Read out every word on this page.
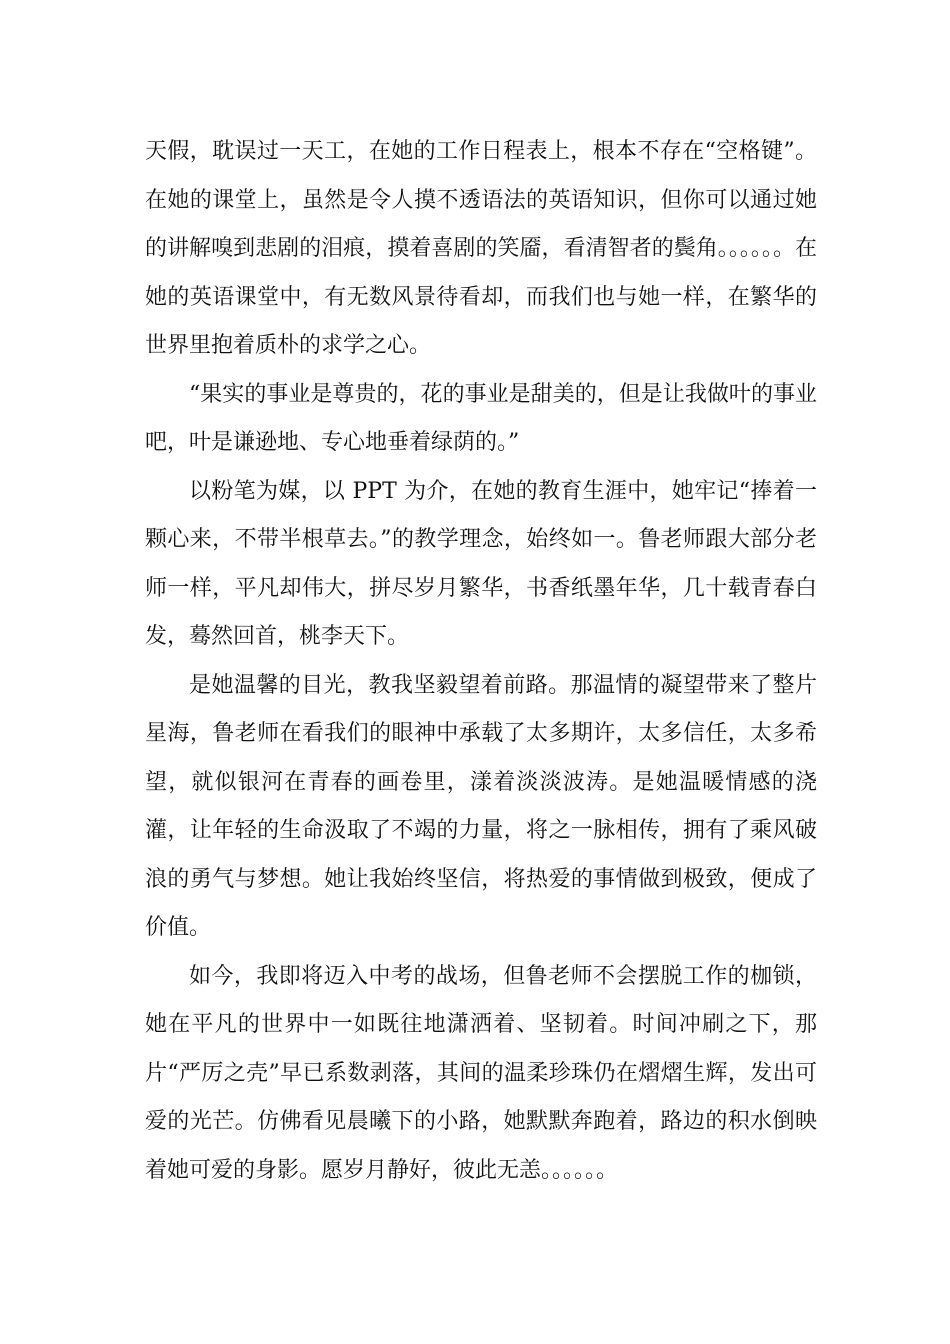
天假，耽误过一天工，在她的工作日程表上，根本不存在“空格键”。在她的课堂上，虽然是令人摸不透语法的英语知识，但你可以通过她的讲解嗅到悲剧的泪痕，摸着喜剧的笑靥，看清智者的鬓角。。。。。。在她的英语课堂中，有无数风景待看却，而我们也与她一样，在繁华的世界里抱着质朴的求学之心。

“果实的事业是尊贵的，花的事业是甜美的，但是让我做叶的事业吧，叶是谦逊地、专心地垂着绿荫的。”

以粉笔为媒，以 PPT 为介，在她的教育生涯中，她牢记“捧着一颗心来，不带半根草去。”的教学理念，始终如一。鲁老师跟大部分老师一样，平凡却伟大，拼尽岁月繁华，书香纸墨年华，几十载青春白发，蓦然回首，桃李天下。

是她温馨的目光，教我坚毅望着前路。那温情的凝望带来了整片星海，鲁老师在看我们的眼神中承载了太多期许，太多信任，太多希望，就似银河在青春的画卷里，漾着淡淡波涛。是她温暖情感的浇灌，让年轻的生命汲取了不竭的力量，将之一脉相传，拥有了乘风破浪的勇气与梦想。她让我始终坚信，将热爱的事情做到极致，便成了价值。

如今，我即将迈入中考的战场，但鲁老师不会摆脱工作的枷锁，她在平凡的世界中一如既往地潇洒着、坚韧着。时间冲刷之下，那片“严厉之壳”早已系数剥落，其间的温柔珍珠仍在熠熠生辉，发出可爱的光芒。仿佛看见晨曦下的小路，她默默奔跑着，路边的积水倒映着她可爱的身影。愿岁月静好，彼此无恙。。。。。。
